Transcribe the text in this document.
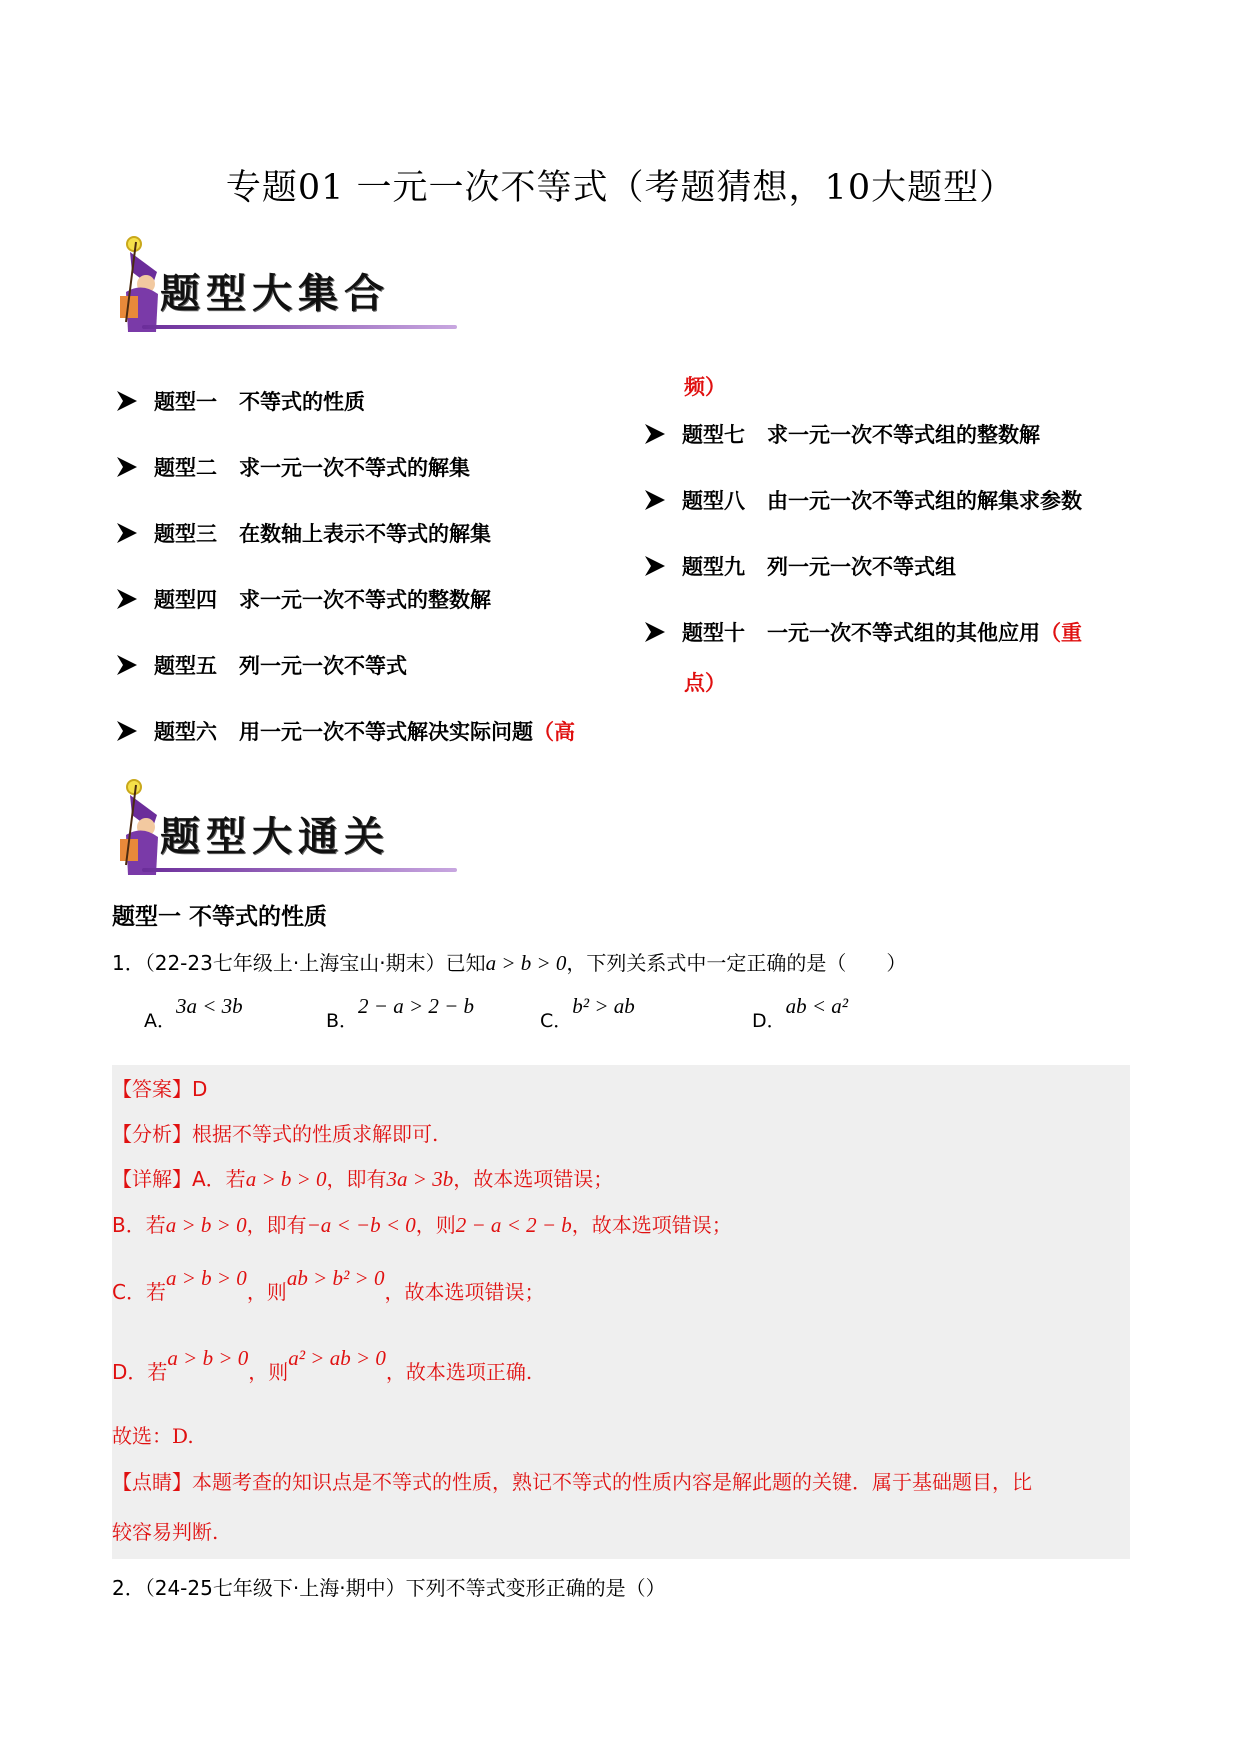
专题01 一元一次不等式（考题猜想，10大题型）
题型大集合
题型一 不等式的性质
题型二 求一元一次不等式的解集
题型三 在数轴上表示不等式的解集
题型四 求一元一次不等式的整数解
题型五 列一元一次不等式
题型六 用一元一次不等式解决实际问题 （高
频）
题型七 求一元一次不等式组的整数解
题型八 由一元一次不等式组的解集求参数
题型九 列一元一次不等式组
题型十 一元一次不等式组的其他应用 （重
点）
题型大通关
题型一 不等式的性质
1．（22-23七年级上·上海宝山·期末）已知a > b > 0，下列关系式中一定正确的是（　　）
A．3a < 3b
B．2 − a > 2 − b
C．b² > ab
D．ab < a²
【答案】D
【分析】根据不等式的性质求解即可.
【详解】A．若a > b > 0，即有3a > 3b，故本选项错误；
B．若a > b > 0，即有−a < −b < 0，则2 − a < 2 − b，故本选项错误；
C．若a > b > 0，则ab > b² > 0，故本选项错误；
D．若a > b > 0，则a² > ab > 0，故本选项正确.
故选：D.
【点睛】本题考查的知识点是不等式的性质，熟记不等式的性质内容是解此题的关键．属于基础题目，比
较容易判断.
2．（24-25七年级下·上海·期中）下列不等式变形正确的是（）
